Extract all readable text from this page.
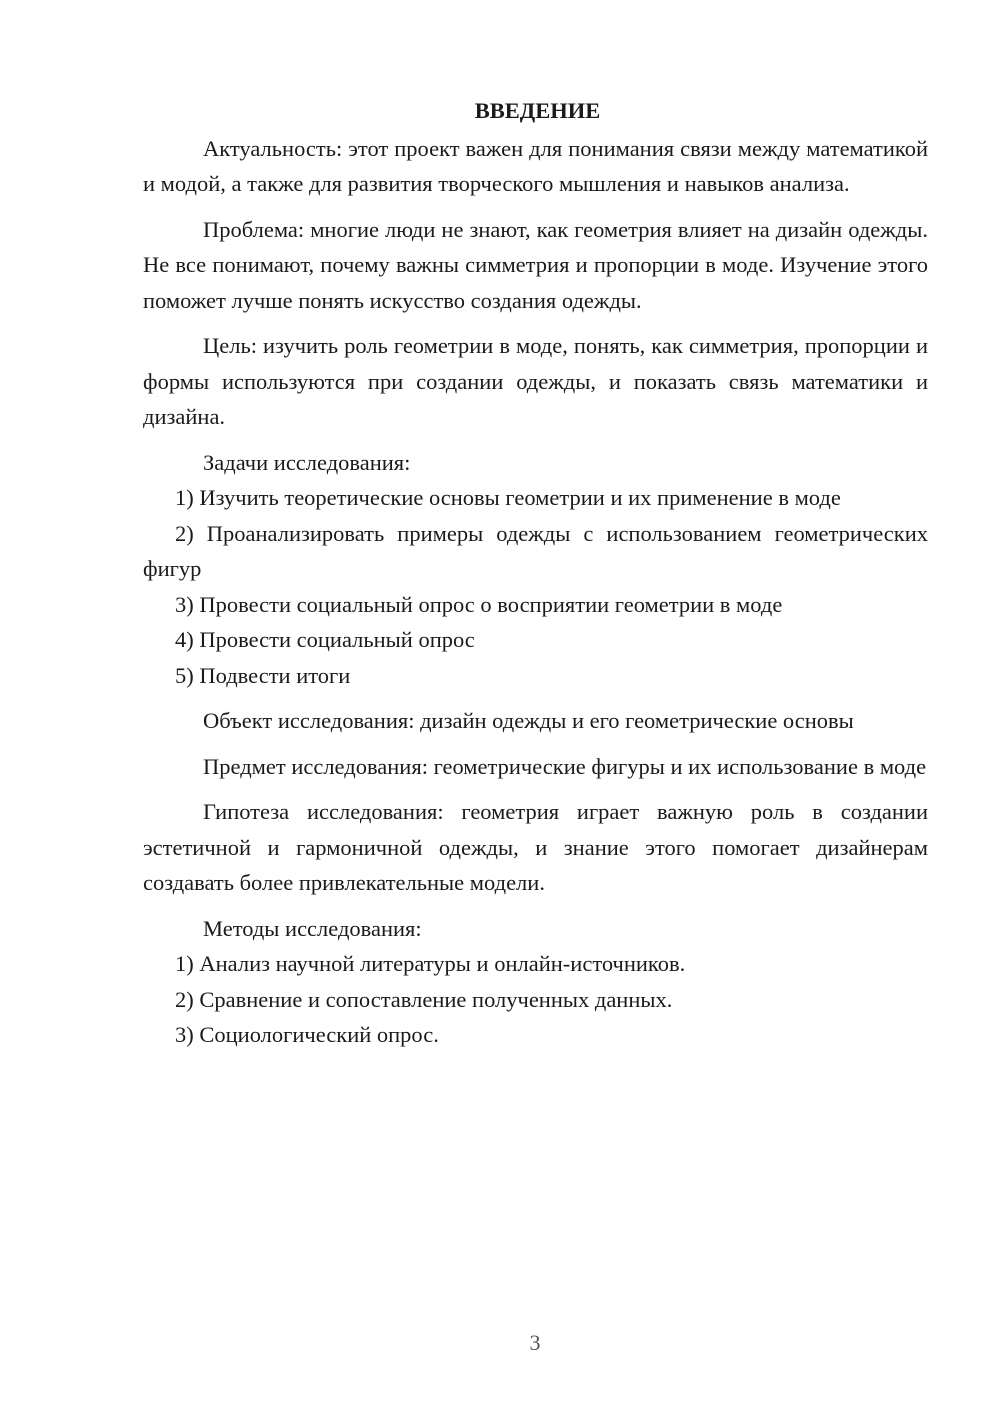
ВВЕДЕНИЕ

Актуальность: этот проект важен для понимания связи между математикой и модой, а также для развития творческого мышления и навыков анализа.

Проблема: многие люди не знают, как геометрия влияет на дизайн одежды. Не все понимают, почему важны симметрия и пропорции в моде. Изучение этого поможет лучше понять искусство создания одежды.

Цель: изучить роль геометрии в моде, понять, как симметрия, пропорции и формы используются при создании одежды, и показать связь математики и дизайна.

Задачи исследования:

1) Изучить теоретические основы геометрии и их применение в моде

2) Проанализировать примеры одежды с использованием геометрических фигур

3) Провести социальный опрос о восприятии геометрии в моде

4) Провести социальный опрос

5) Подвести итоги

Объект исследования: дизайн одежды и его геометрические основы

Предмет исследования: геометрические фигуры и их использование в моде

Гипотеза исследования: геометрия играет важную роль в создании эстетичной и гармоничной одежды, и знание этого помогает дизайнерам создавать более привлекательные модели.

Методы исследования:

1) Анализ научной литературы и онлайн-источников.

2) Сравнение и сопоставление полученных данных.

3) Социологический опрос.

3
